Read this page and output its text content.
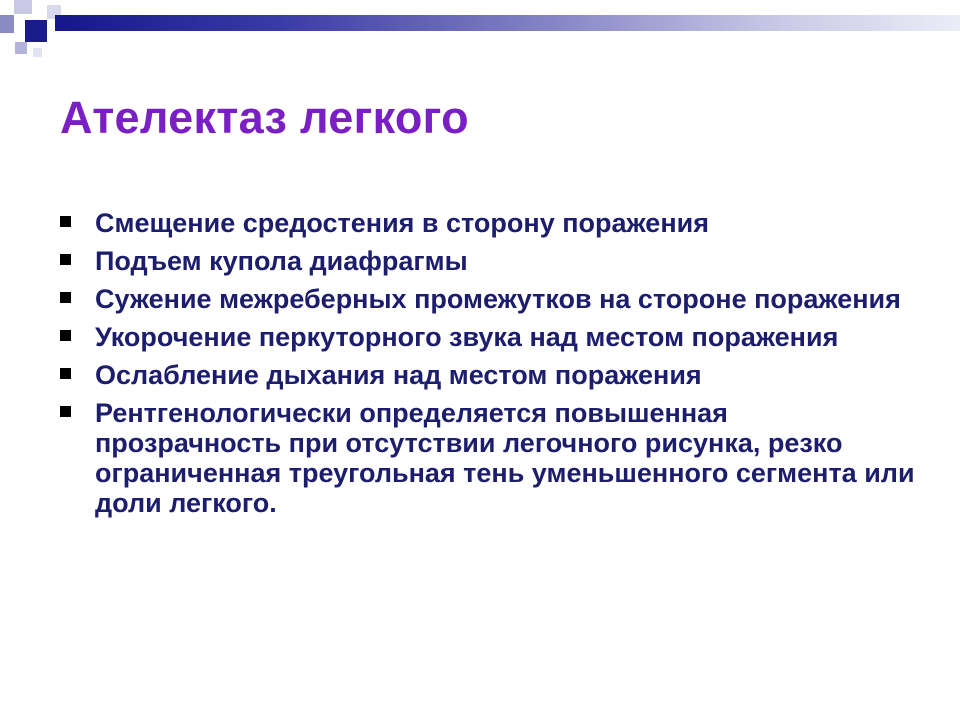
Ателектаз легкого
Смещение средостения в сторону поражения
Подъем купола диафрагмы
Сужение межреберных промежутков на стороне поражения
Укорочение перкуторного звука над местом поражения
Ослабление дыхания над местом поражения
Рентгенологически определяется повышенная прозрачность при отсутствии легочного рисунка, резко ограниченная треугольная тень уменьшенного сегмента или доли легкого.
